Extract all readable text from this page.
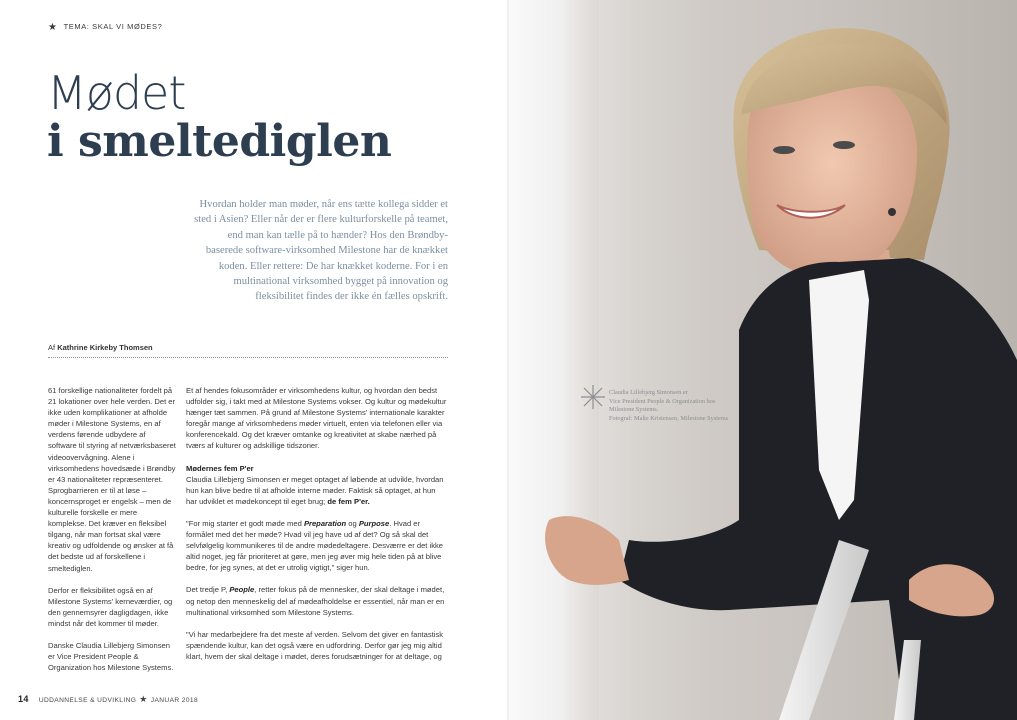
★ TEMA: SKAL VI MØDES?
Mødet
i smeltediglen
Hvordan holder man møder, når ens tætte kollega sidder et sted i Asien? Eller når der er flere kulturforskelle på teamet, end man kan tælle på to hænder? Hos den Brøndby-baserede software-virksomhed Milestone har de knækket koden. Eller rettere: De har knækket koderne. For i en multinational virksomhed bygget på innovation og fleksibilitet findes der ikke én fælles opskrift.
Af Kathrine Kirkeby Thomsen

61 forskellige nationaliteter fordelt på 21 lokationer over hele verden. Det er ikke uden komplikationer at afholde møder i Milestone Systems, en af verdens førende udbydere af software til styring af netværksbaseret videoovervågning. Alene i virksomhedens hovedsæde i Brøndby er 43 nationaliteter repræsenteret. Sprogbarrieren er til at løse – koncernsproget er engelsk – men de kulturelle forskelle er mere komplekse. Det kræver en fleksibel tilgang, når man fortsat skal være kreativ og udfoldende og ønsker at få det bedste ud af forskellene i smeltediglen.

Derfor er fleksibilitet også en af Milestone Systems' kerneværdier, og den gennemsyrer dagligdagen, ikke mindst når det kommer til møder.

Danske Claudia Lillebjerg Simonsen er Vice President People & Organization hos Milestone Systems.

Et af hendes fokusområder er virksomhedens kultur, og hvordan den bedst udfolder sig, i takt med at Milestone Systems vokser. Og kultur og mødekultur hænger tæt sammen. På grund af Milestone Systems' internationale karakter foregår mange af virksomhedens møder virtuelt, enten via telefonen eller via konferencekald. Og det kræver omtanke og kreativitet at skabe nærhed på tværs af kulturer og adskillige tidszoner.

Mødernes fem P'er

Claudia Lillebjerg Simonsen er meget optaget af løbende at udvikle, hvordan hun kan blive bedre til at afholde interne møder. Faktisk så optaget, at hun har udviklet et mødekoncept til eget brug; de fem P'er.

"For mig starter et godt møde med Preparation og Purpose. Hvad er formålet med det her møde? Hvad vil jeg have ud af det? Og så skal det selvfølgelig kommunikeres til de andre mødedeltagere. Desværre er det ikke altid noget, jeg får prioriteret at gøre, men jeg øver mig hele tiden på at blive bedre, for jeg synes, at det er utrolig vigtigt," siger hun.

Det tredje P, People, retter fokus på de mennesker, der skal deltage i mødet, og netop den menneskelig del af mødeafholdelse er essentiel, når man er en multinational virksomhed som Milestone Systems.

"Vi har medarbejdere fra det meste af verden. Selvom det giver en fantastisk spændende kultur, kan det også være en udfordring. Derfor gør jeg mig altid klart, hvem der skal deltage i mødet, deres forudsætninger for at deltage, og

14 UDDANNELSE & UDVIKLING ★ JANUAR 2018
Claudia Lillebjerg Simonsen er
Vice President People & Organization hos
Milestone Systems.
Fotograf: Malte Kristensen, Milestone Systems
